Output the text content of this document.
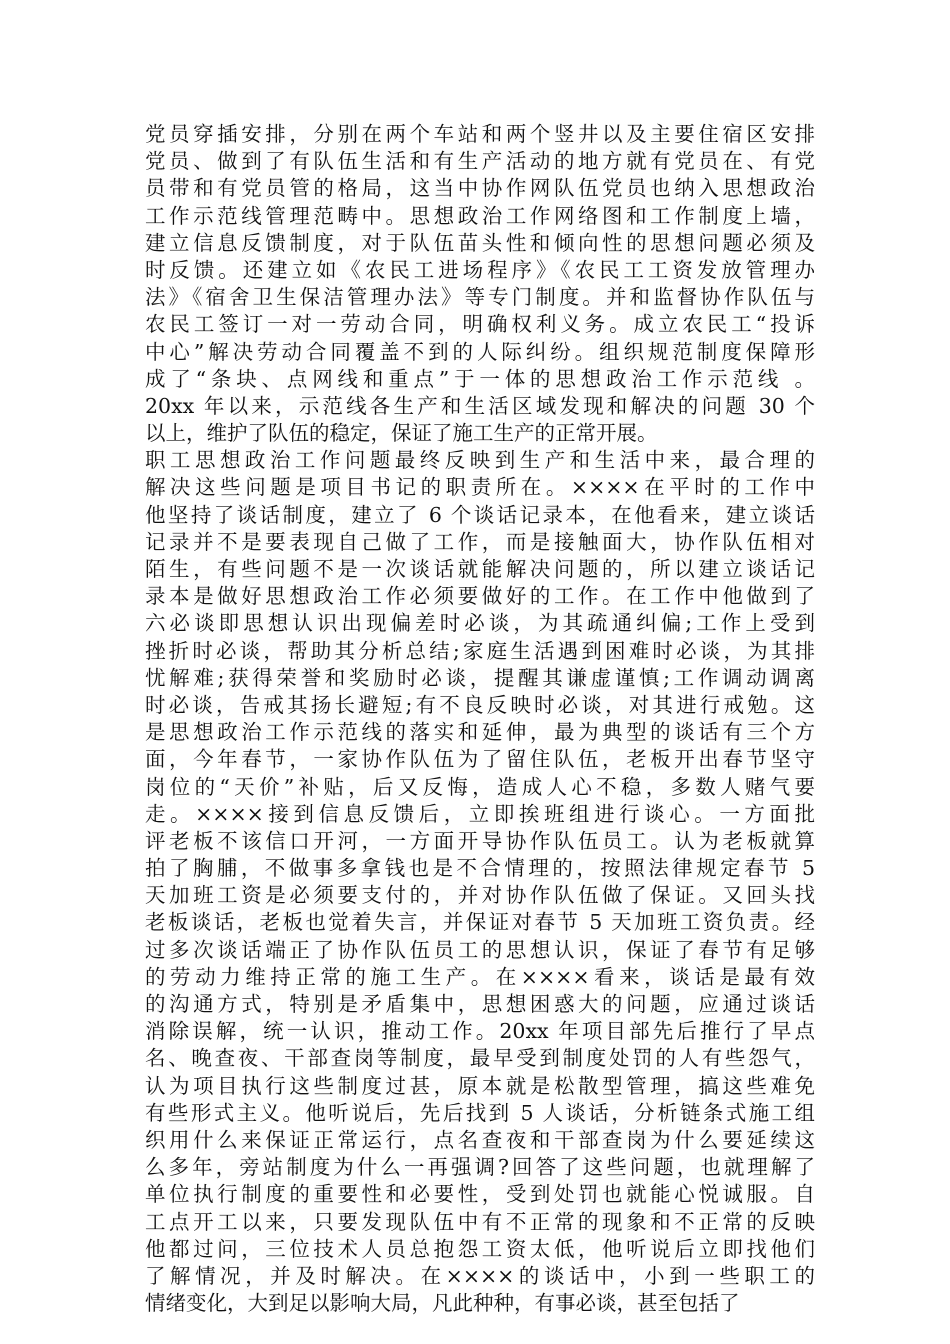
党员穿插安排，分别在两个车站和两个竖井以及主要住宿区安排
党员、做到了有队伍生活和有生产活动的地方就有党员在、有党
员带和有党员管的格局，这当中协作网队伍党员也纳入思想政治
工作示范线管理范畴中。思想政治工作网络图和工作制度上墙，
建立信息反馈制度，对于队伍苗头性和倾向性的思想问题必须及
时反馈。还建立如《农民工进场程序》《农民工工资发放管理办
法》《宿舍卫生保洁管理办法》等专门制度。并和监督协作队伍与
农民工签订一对一劳动合同，明确权利义务。成立农民工“投诉
中心”解决劳动合同覆盖不到的人际纠纷。组织规范制度保障形
成了“条块、点网线和重点”于一体的思想政治工作示范线 。
20xx 年以来，示范线各生产和生活区域发现和解决的问题 30 个
以上，维护了队伍的稳定，保证了施工生产的正常开展。
职工思想政治工作问题最终反映到生产和生活中来，最合理的
解决这些问题是项目书记的职责所在。××××在平时的工作中
他坚持了谈话制度，建立了 6 个谈话记录本，在他看来，建立谈话
记录并不是要表现自己做了工作，而是接触面大，协作队伍相对
陌生，有些问题不是一次谈话就能解决问题的，所以建立谈话记
录本是做好思想政治工作必须要做好的工作。在工作中他做到了
六必谈即思想认识出现偏差时必谈，为其疏通纠偏;工作上受到
挫折时必谈，帮助其分析总结;家庭生活遇到困难时必谈，为其排
忧解难;获得荣誉和奖励时必谈，提醒其谦虚谨慎;工作调动调离
时必谈，告戒其扬长避短;有不良反映时必谈，对其进行戒勉。这
是思想政治工作示范线的落实和延伸，最为典型的谈话有三个方
面，今年春节，一家协作队伍为了留住队伍，老板开出春节坚守
岗位的“天价”补贴，后又反悔，造成人心不稳，多数人赌气要
走。××××接到信息反馈后，立即挨班组进行谈心。一方面批
评老板不该信口开河，一方面开导协作队伍员工。认为老板就算
拍了胸脯，不做事多拿钱也是不合情理的，按照法律规定春节 5
天加班工资是必须要支付的，并对协作队伍做了保证。又回头找
老板谈话，老板也觉着失言，并保证对春节 5 天加班工资负责。经
过多次谈话端正了协作队伍员工的思想认识，保证了春节有足够
的劳动力维持正常的施工生产。在××××看来，谈话是最有效
的沟通方式，特别是矛盾集中，思想困惑大的问题，应通过谈话
消除误解，统一认识，推动工作。20xx 年项目部先后推行了早点
名、晚查夜、干部查岗等制度，最早受到制度处罚的人有些怨气，
认为项目执行这些制度过甚，原本就是松散型管理，搞这些难免
有些形式主义。他听说后，先后找到 5 人谈话，分析链条式施工组
织用什么来保证正常运行，点名查夜和干部查岗为什么要延续这
么多年，旁站制度为什么一再强调?回答了这些问题，也就理解了
单位执行制度的重要性和必要性，受到处罚也就能心悦诚服。自
工点开工以来，只要发现队伍中有不正常的现象和不正常的反映
他都过问，三位技术人员总抱怨工资太低，他听说后立即找他们
了解情况，并及时解决。在××××的谈话中，小到一些职工的
情绪变化，大到足以影响大局，凡此种种，有事必谈，甚至包括了
